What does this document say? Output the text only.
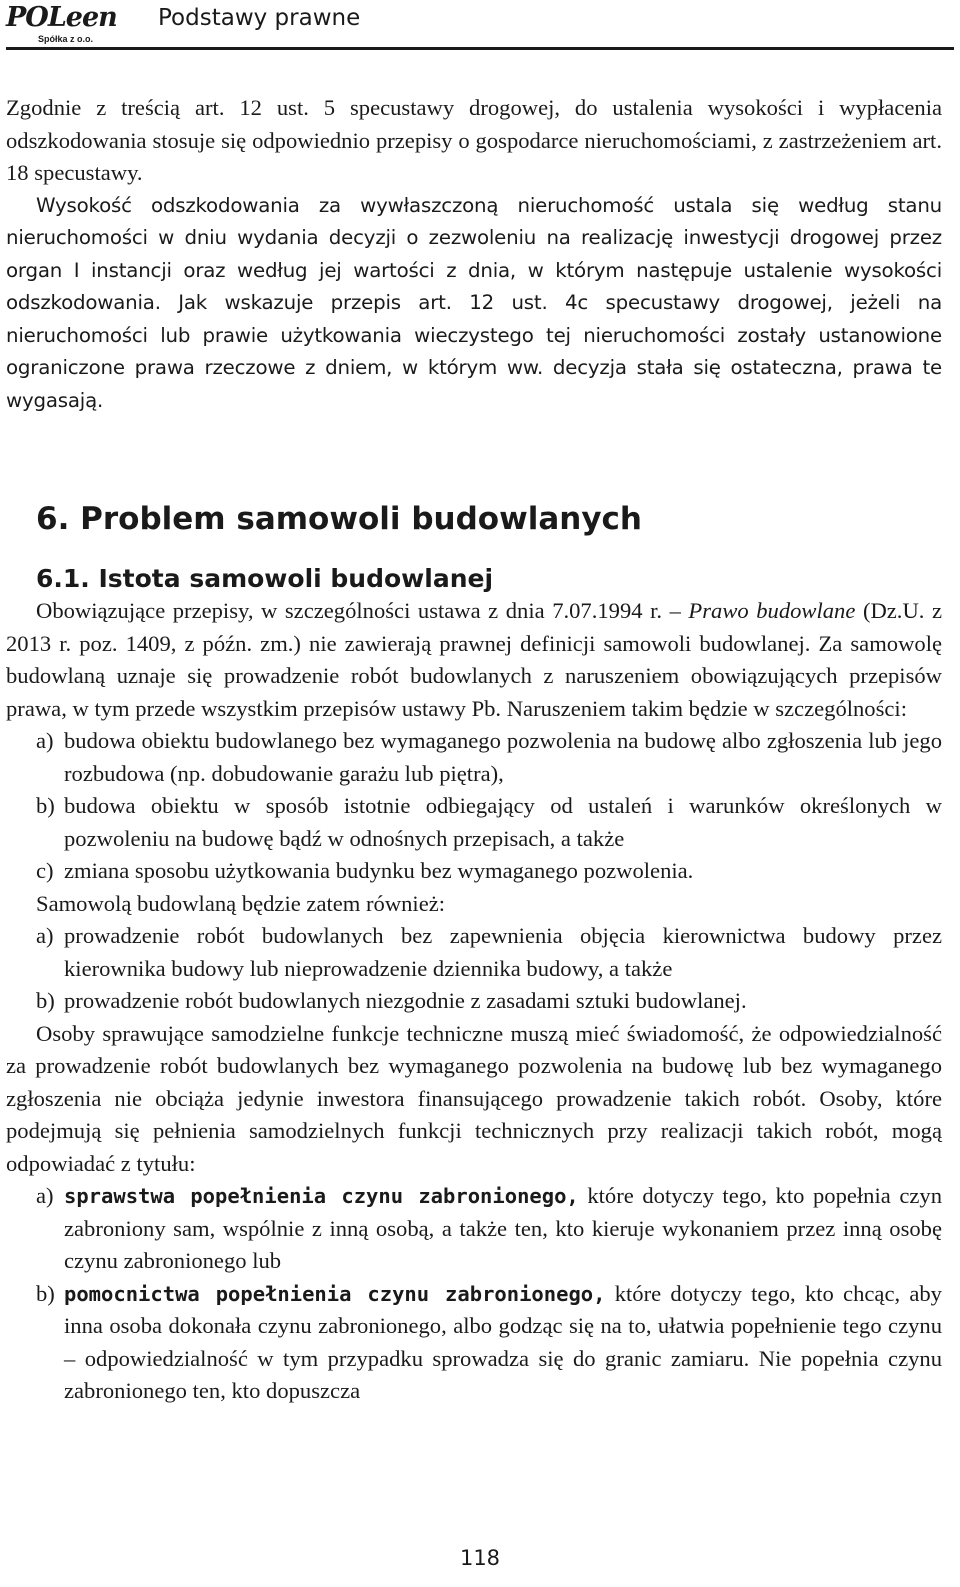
POLeen
Spółka z o.o.
Podstawy prawne

Zgodnie z treścią art. 12 ust. 5 specustawy drogowej, do ustalenia wysokości i wypłacenia odszkodowania stosuje się odpowiednio przepisy o gospodarce nieruchomościami, z zastrzeżeniem art. 18 specustawy.

Wysokość odszkodowania za wywłaszczoną nieruchomość ustala się według stanu nieruchomości w dniu wydania decyzji o zezwoleniu na realizację inwestycji drogowej przez organ I instancji oraz według jej wartości z dnia, w którym następuje ustalenie wysokości odszkodowania. Jak wskazuje przepis art. 12 ust. 4c specustawy drogowej, jeżeli na nieruchomości lub prawie użytkowania wieczystego tej nieruchomości zostały ustanowione ograniczone prawa rzeczowe z dniem, w którym ww. decyzja stała się ostateczna, prawa te wygasają.

6. Problem samowoli budowlanych
6.1. Istota samowoli budowlanej

Obowiązujące przepisy, w szczególności ustawa z dnia 7.07.1994 r. – Prawo budowlane (Dz.U. z 2013 r. poz. 1409, z późn. zm.) nie zawierają prawnej definicji samowoli budowlanej. Za samowolę budowlaną uznaje się prowadzenie robót budowlanych z naruszeniem obowiązujących przepisów prawa, w tym przede wszystkim przepisów ustawy Pb. Naruszeniem takim będzie w szczególności:

a) budowa obiektu budowlanego bez wymaganego pozwolenia na budowę albo zgłoszenia lub jego rozbudowa (np. dobudowanie garażu lub piętra),

b) budowa obiektu w sposób istotnie odbiegający od ustaleń i warunków określonych w pozwoleniu na budowę bądź w odnośnych przepisach, a także

c) zmiana sposobu użytkowania budynku bez wymaganego pozwolenia.

Samowolą budowlaną będzie zatem również:

a) prowadzenie robót budowlanych bez zapewnienia objęcia kierownictwa budowy przez kierownika budowy lub nieprowadzenie dziennika budowy, a także

b) prowadzenie robót budowlanych niezgodnie z zasadami sztuki budowlanej.

Osoby sprawujące samodzielne funkcje techniczne muszą mieć świadomość, że odpowiedzialność za prowadzenie robót budowlanych bez wymaganego pozwolenia na budowę lub bez wymaganego zgłoszenia nie obciąża jedynie inwestora finansującego prowadzenie takich robót. Osoby, które podejmują się pełnienia samodzielnych funkcji technicznych przy realizacji takich robót, mogą odpowiadać z tytułu:

a) sprawstwa popełnienia czynu zabronionego, które dotyczy tego, kto popełnia czyn zabroniony sam, wspólnie z inną osobą, a także ten, kto kieruje wykonaniem przez inną osobę czynu zabronionego lub

b) pomocnictwa popełnienia czynu zabronionego, które dotyczy tego, kto chcąc, aby inna osoba dokonała czynu zabronionego, albo godząc się na to, ułatwia popełnienie tego czynu – odpowiedzialność w tym przypadku sprowadza się do granic zamiaru. Nie popełnia czynu zabronionego ten, kto dopuszcza

118
